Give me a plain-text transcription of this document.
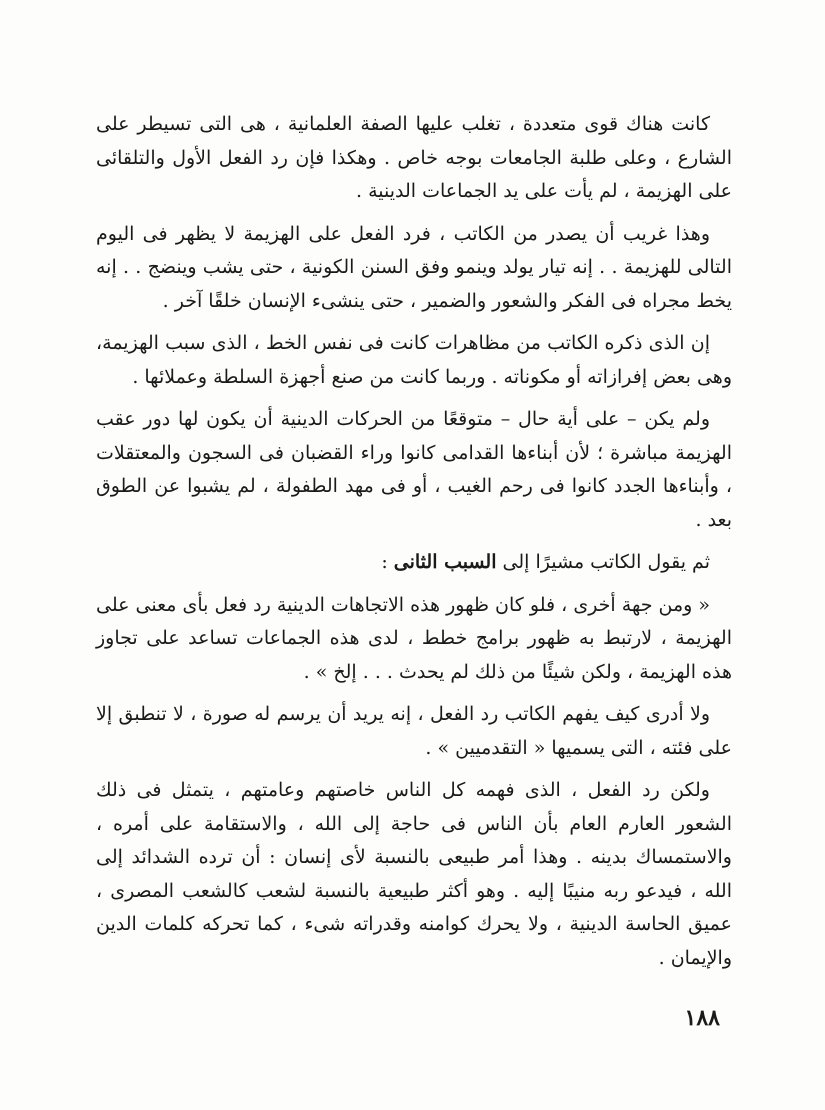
كانت هناك قوى متعددة ، تغلب عليها الصفة العلمانية ، هى التى تسيطر على الشارع ، وعلى طلبة الجامعات بوجه خاص . وهكذا فإن رد الفعل الأول والتلقائى على الهزيمة ، لم يأت على يد الجماعات الدينية .

وهذا غريب أن يصدر من الكاتب ، فرد الفعل على الهزيمة لا يظهر فى اليوم التالى للهزيمة . . إنه تيار يولد وينمو وفق السنن الكونية ، حتى يشب وينضج . . إنه يخط مجراه فى الفكر والشعور والضمير ، حتى ينشىء الإنسان خلقًا آخر .

إن الذى ذكره الكاتب من مظاهرات كانت فى نفس الخط ، الذى سبب الهزيمة، وهى بعض إفرازاته أو مكوناته . وربما كانت من صنع أجهزة السلطة وعملائها .

ولم يكن – على أية حال – متوقعًا من الحركات الدينية أن يكون لها دور عقب الهزيمة مباشرة ؛ لأن أبناءها القدامى كانوا وراء القضبان فى السجون والمعتقلات ، وأبناءها الجدد كانوا فى رحم الغيب ، أو فى مهد الطفولة ، لم يشبوا عن الطوق بعد .

ثم يقول الكاتب مشيرًا إلى السبب الثانى :

« ومن جهة أخرى ، فلو كان ظهور هذه الاتجاهات الدينية رد فعل بأى معنى على الهزيمة ، لارتبط به ظهور برامج خطط ، لدى هذه الجماعات تساعد على تجاوز هذه الهزيمة ، ولكن شيئًا من ذلك لم يحدث . . . إلخ » .

ولا أدرى كيف يفهم الكاتب رد الفعل ، إنه يريد أن يرسم له صورة ، لا تنطبق إلا على فئته ، التى يسميها « التقدميين » .

ولكن رد الفعل ، الذى فهمه كل الناس خاصتهم وعامتهم ، يتمثل فى ذلك الشعور العارم العام بأن الناس فى حاجة إلى الله ، والاستقامة على أمره ، والاستمساك بدينه . وهذا أمر طبيعى بالنسبة لأى إنسان : أن ترده الشدائد إلى الله ، فيدعو ربه منيبًا إليه . وهو أكثر طبيعية بالنسبة لشعب كالشعب المصرى ، عميق الحاسة الدينية ، ولا يحرك كوامنه وقدراته شىء ، كما تحركه كلمات الدين والإيمان .

١٨٨
